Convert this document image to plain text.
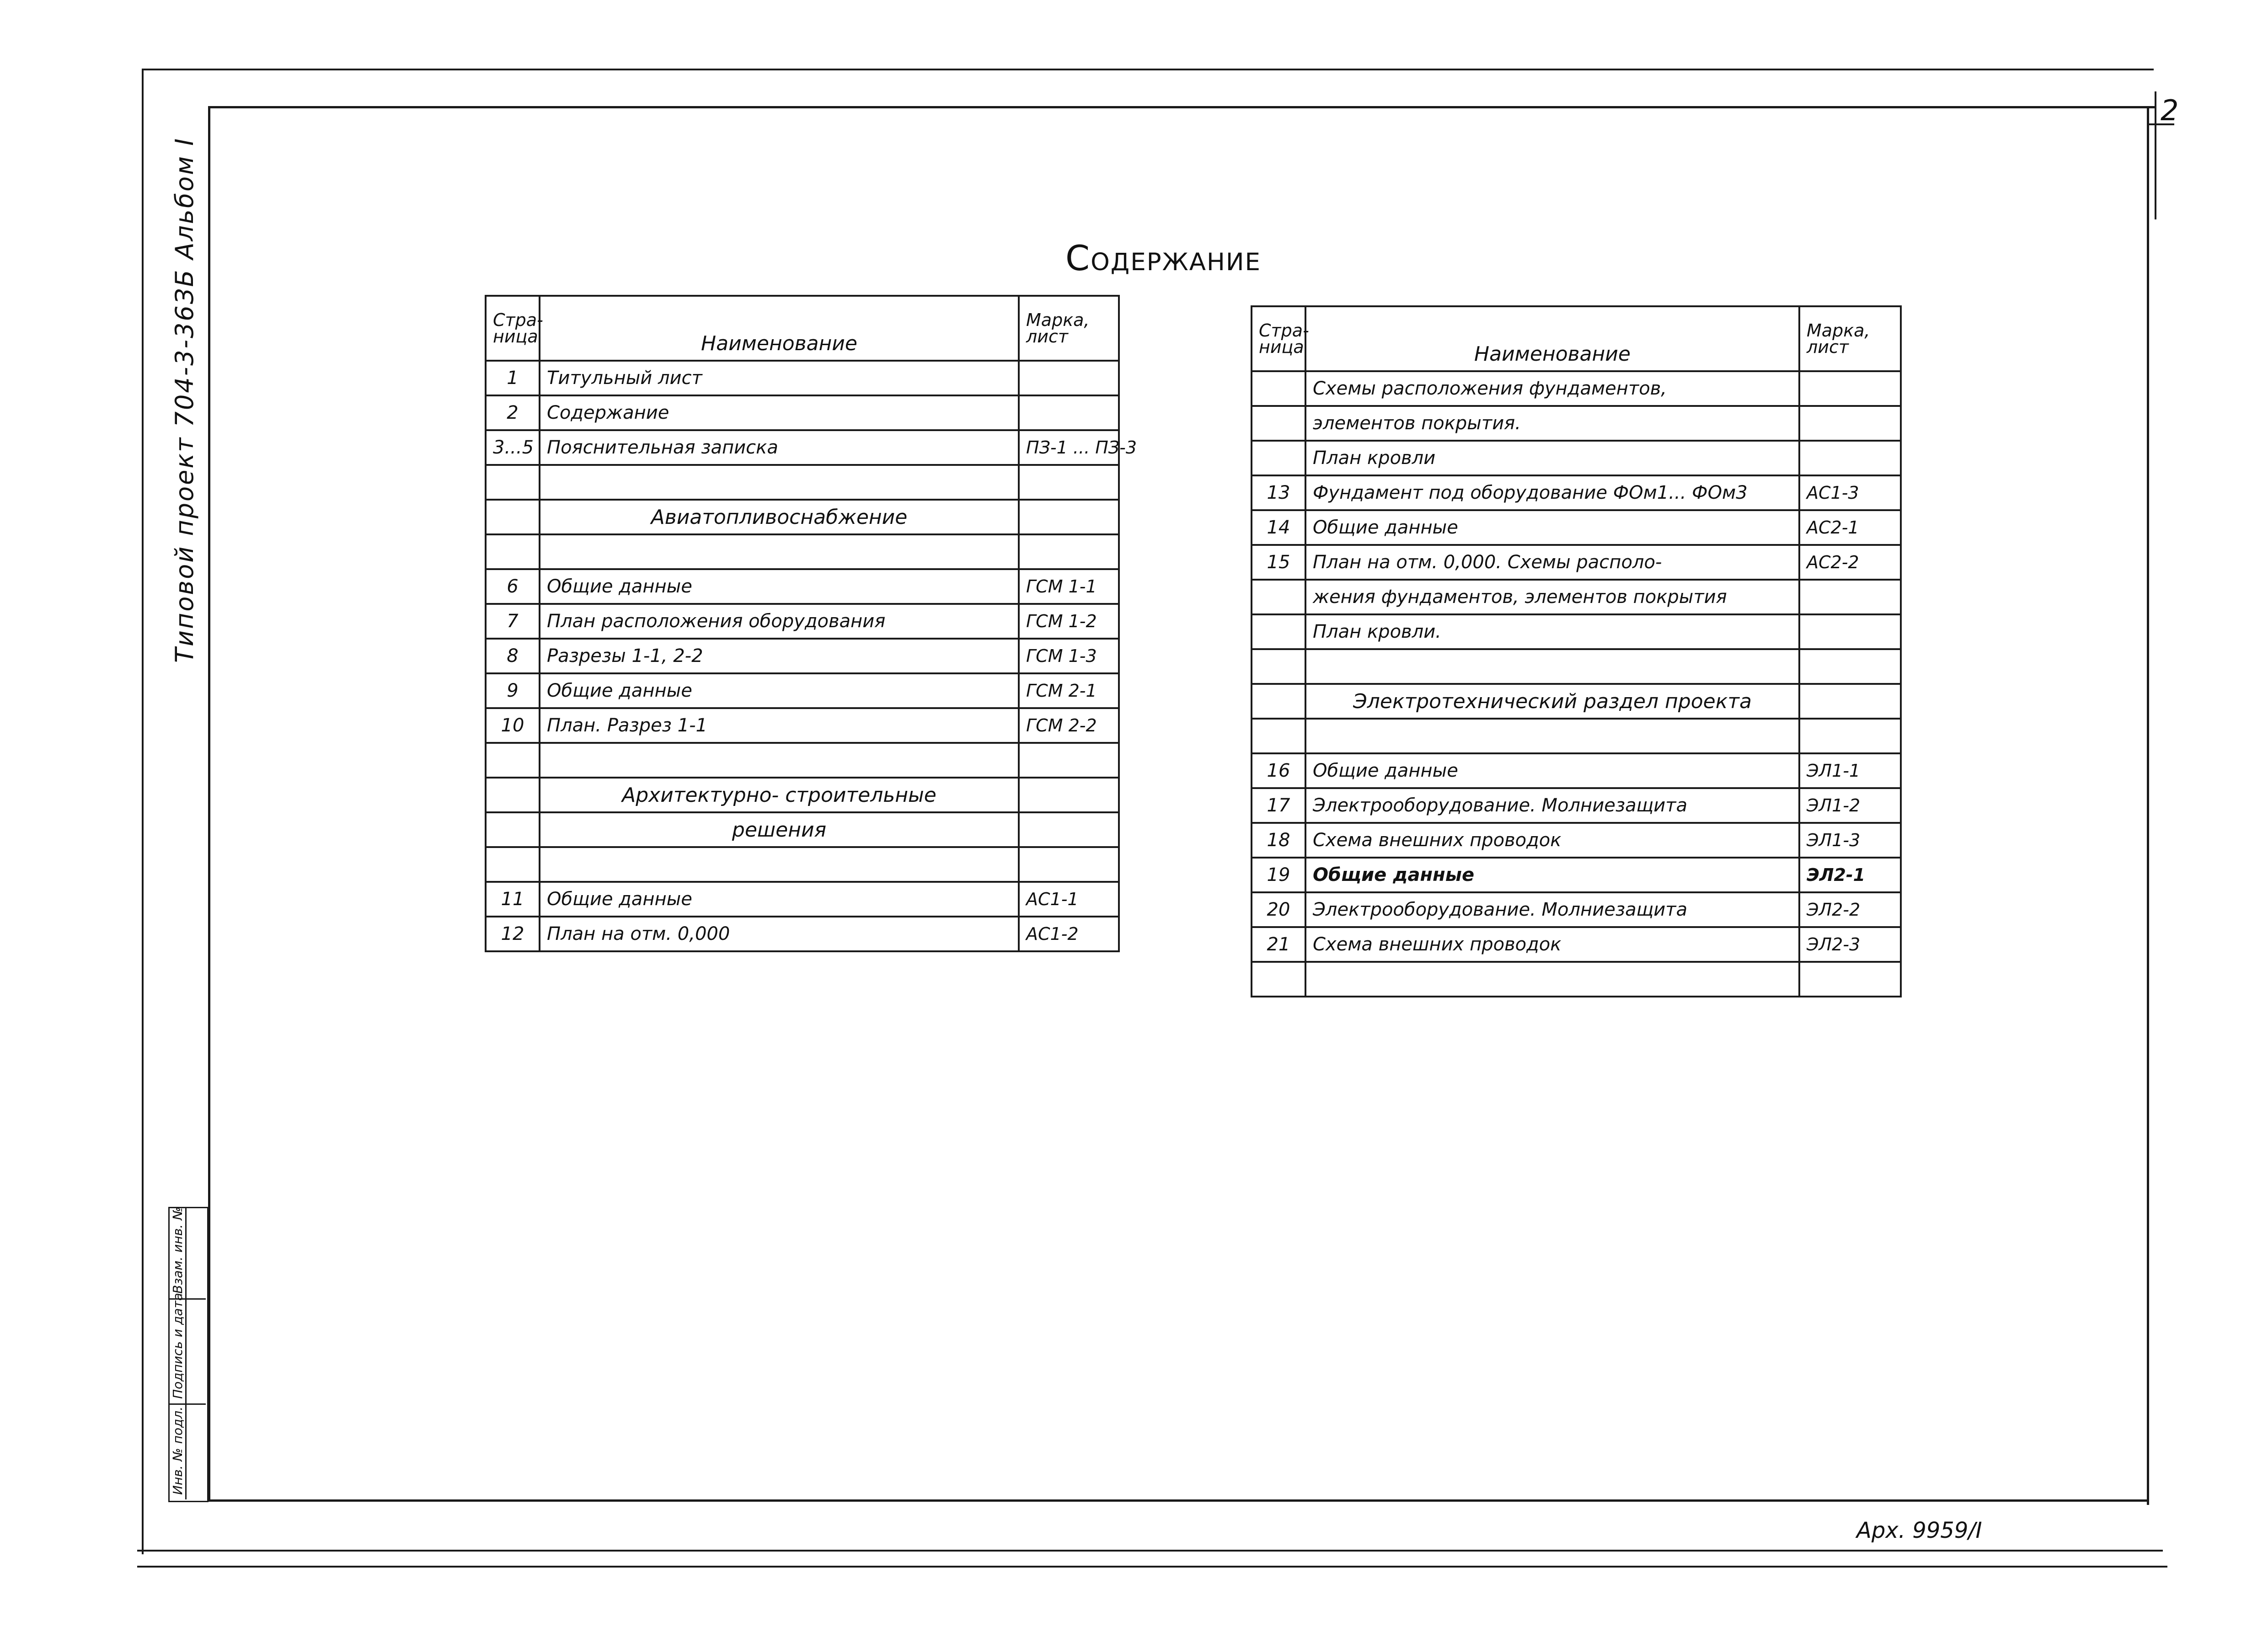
2
Типовой проект 704-3-36ЗБ Альбом I
Взам. инв. №
Подпись и дата
Инв. № подл.
Содержание
Стра-
ница	Наименование	Марка,
лист
1	Титульный лист	
2	Содержание	
3...5	Пояснительная записка	ПЗ-1 ... ПЗ-3

	Авиатопливоснабжение	

6	Общие данные	ГСМ 1-1
7	План расположения оборудования	ГСМ 1-2
8	Разрезы 1-1, 2-2	ГСМ 1-3
9	Общие данные	ГСМ 2-1
10	План. Разрез 1-1	ГСМ 2-2

	Архитектурно- строительные	
	решения	

11	Общие данные	АС1-1
12	План на отм. 0,000	АС1-2
Стра-
ница	Наименование	Марка,
лист
	Схемы расположения фундаментов,	
	элементов покрытия.	
	План кровли	
13	Фундамент под оборудование ФОм1... ФОм3	АС1-3
14	Общие данные	АС2-1
15	План на отм. 0,000. Схемы располо-	АС2-2
	жения фундаментов, элементов покрытия	
	План кровли.	

	Электротехнический раздел проекта	

16	Общие данные	ЭЛ1-1
17	Электрооборудование. Молниезащита	ЭЛ1-2
18	Схема внешних проводок	ЭЛ1-3
19	Общие данные	ЭЛ2-1
20	Электрооборудование. Молниезащита	ЭЛ2-2
21	Схема внешних проводок	ЭЛ2-3

Арх. 9959/I
